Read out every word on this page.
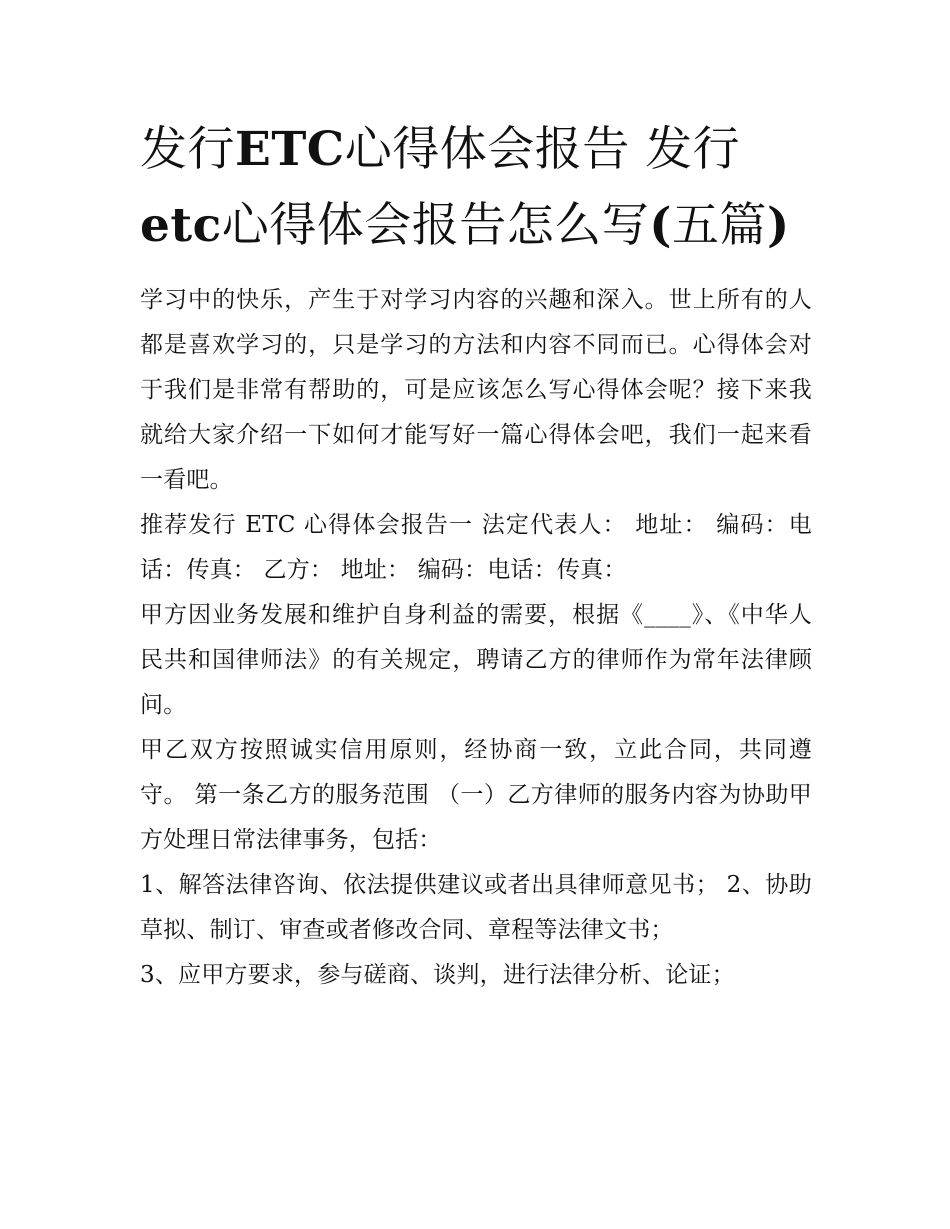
发行ETC心得体会报告 发行 etc心得体会报告怎么写(五篇)

学习中的快乐，产生于对学习内容的兴趣和深入。世上所有的人都是喜欢学习的，只是学习的方法和内容不同而已。心得体会对于我们是非常有帮助的，可是应该怎么写心得体会呢？接下来我就给大家介绍一下如何才能写好一篇心得体会吧，我们一起来看一看吧。

推荐发行 ETC 心得体会报告一 法定代表人： 地址： 编码：电话：传真： 乙方： 地址： 编码：电话：传真：

甲方因业务发展和维护自身利益的需要，根据《____》、《中华人民共和国律师法》的有关规定，聘请乙方的律师作为常年法律顾问。

甲乙双方按照诚实信用原则，经协商一致，立此合同，共同遵守。 第一条乙方的服务范围 （一）乙方律师的服务内容为协助甲方处理日常法律事务，包括：

1、解答法律咨询、依法提供建议或者出具律师意见书； 2、协助草拟、制订、审查或者修改合同、章程等法律文书；

3、应甲方要求，参与磋商、谈判，进行法律分析、论证；
